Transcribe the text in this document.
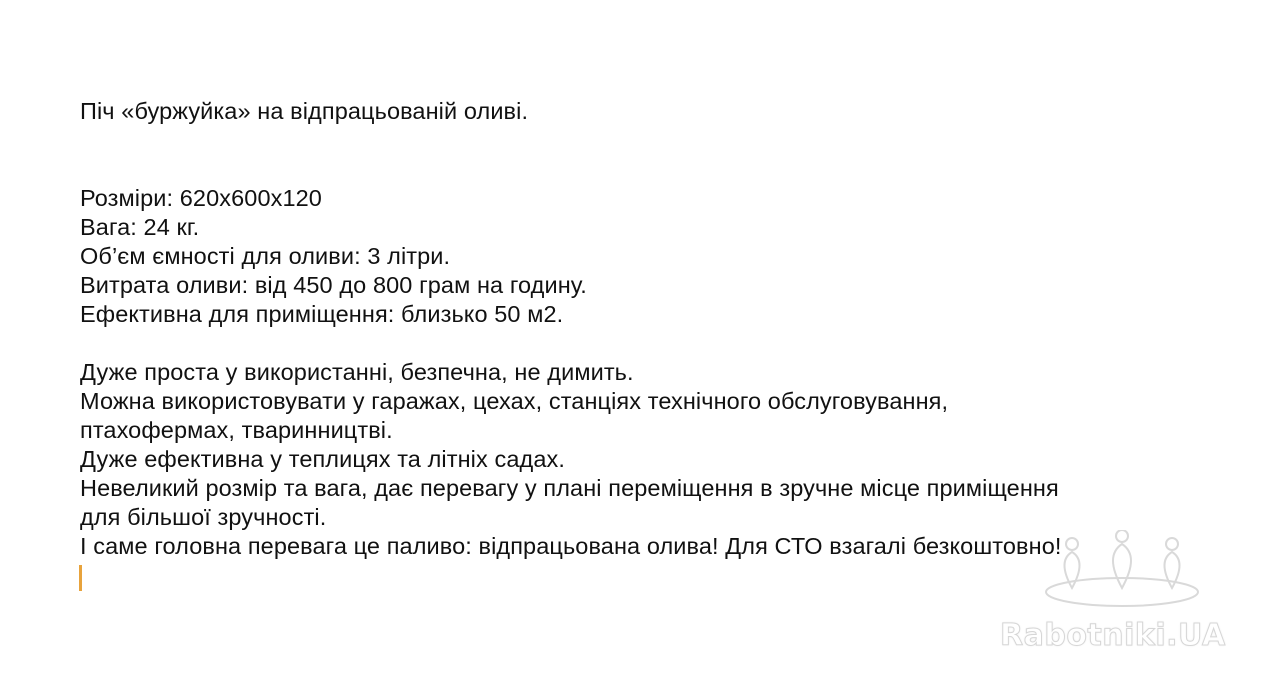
Піч «буржуйка» на відпрацьованій оливі.
Розміри: 620x600x120
Вага: 24 кг.
Об’єм ємності для оливи: 3 літри.
Витрата оливи: від 450 до 800 грам на годину.
Ефективна для приміщення: близько 50 м2.
Дуже проста у використанні, безпечна, не димить.
Можна використовувати у гаражах, цехах, станціях технічного обслуговування,
птахофермах, тваринництві.
Дуже ефективна у теплицях та літніх садах.
Невеликий розмір та вага, дає перевагу у плані переміщення в зручне місце приміщення
для більшої зручності.
І саме головна перевага це паливо: відпрацьована олива! Для СТО взагалі безкоштовно!
Rabotniki.UA
